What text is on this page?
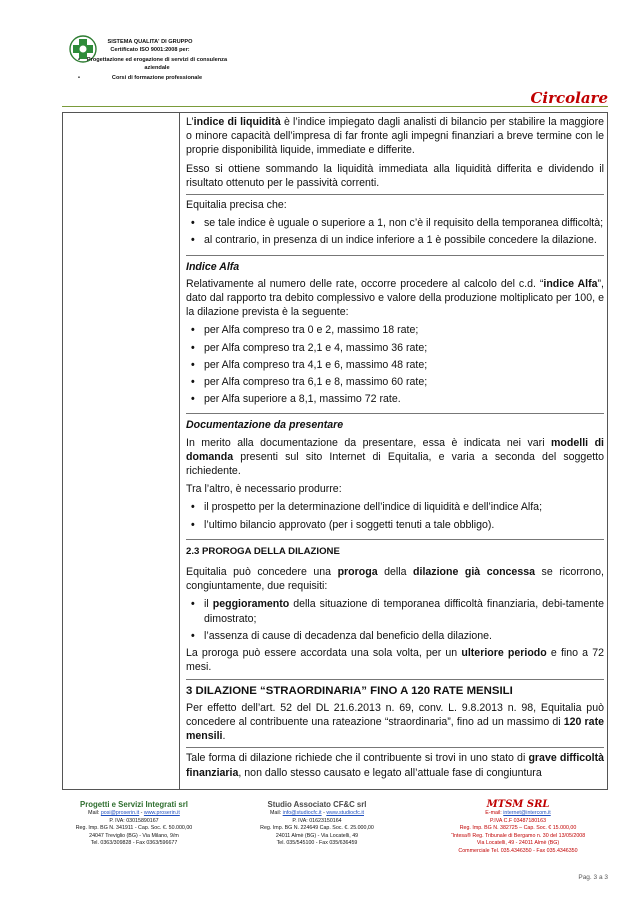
SISTEMA QUALITA' DI GRUPPO
Certificato ISO 9001:2008 per:
• Progettazione ed erogazione di servizi di consulenza aziendale
• Corsi di formazione professionale
Circolare

L’indice di liquidità è l’indice impiegato dagli analisti di bilancio per stabilire la maggiore o minore capacità dell’impresa di far fronte agli impegni finanziari a breve termine con le proprie disponibilità liquide, immediate e differite.

Esso si ottiene sommando la liquidità immediata alla liquidità differita e dividendo il risultato ottenuto per le passività correnti.

Equitalia precisa che:

• se tale indice è uguale o superiore a 1, non c’è il requisito della temporanea difficoltà;
• al contrario, in presenza di un indice inferiore a 1 è possibile concedere la dilazione.
Indice Alfa

Relativamente al numero delle rate, occorre procedere al calcolo del c.d. “indice Alfa”, dato dal rapporto tra debito complessivo e valore della produzione moltiplicato per 100, e la dilazione prevista è la seguente:

• per Alfa compreso tra 0 e 2, massimo 18 rate;
• per Alfa compreso tra 2,1 e 4, massimo 36 rate;
• per Alfa compreso tra 4,1 e 6, massimo 48 rate;
• per Alfa compreso tra 6,1 e 8, massimo 60 rate;
• per Alfa superiore a 8,1, massimo 72 rate.
Documentazione da presentare

In merito alla documentazione da presentare, essa è indicata nei vari modelli di domanda presenti sul sito Internet di Equitalia, e varia a seconda del soggetto richiedente.

Tra l’altro, è necessario produrre:

• il prospetto per la determinazione dell’indice di liquidità e dell’indice Alfa;
• l’ultimo bilancio approvato (per i soggetti tenuti a tale obbligo).
2.3 PROROGA DELLA DILAZIONE

Equitalia può concedere una proroga della dilazione già concessa se ricorrono, congiuntamente, due requisiti:

• il peggioramento della situazione di temporanea difficoltà finanziaria, debi-tamente dimostrato;
• l’assenza di cause di decadenza dal beneficio della dilazione.

La proroga può essere accordata una sola volta, per un ulteriore periodo e fino a 72 mesi.

3 DILAZIONE “STRAORDINARIA” FINO A 120 RATE MENSILI

Per effetto dell’art. 52 del DL 21.6.2013 n. 69, conv. L. 9.8.2013 n. 98, Equitalia può concedere al contribuente una rateazione “straordinaria”, fino ad un massimo di 120 rate mensili.

Tale forma di dilazione richiede che il contribuente si trovi in uno stato di grave difficoltà finanziaria, non dallo stesso causato e legato all’attuale fase di congiuntura

Progetti e Servizi Integrati srl
Mail: posi@proserin.it - www.proserin.it
P. IVA: 03015890167
Reg. Imp. BG N. 341911 - Cap. Soc. €. 50.000,00
24047 Treviglio (BG) - Via Milano, 9/m
Tel. 0363/309828 - Fax 0363/596677
Studio Associato CF&C srl
Mail: info@studiocfc.it - www.studiocfc.it
P. IVA: 01623150164
Reg. Imp. BG N. 224649 Cap. Soc. €. 25.000,00
24011 Almè (BG) - Via Locatelli, 49
Tel. 035/545100 - Fax 035/636459
MTSM SRL
E-mail: internet@intercom.it
P.IVA C.F 03487180163
Reg. Imp. BG N. 382725 – Cap. Soc. € 15.000,00
“Intesa® Reg. Tribunale di Bergamo n. 30 del 13/05/2008
Via Locatelli, 49 - 24011 Almè (BG)
Commerciale Tel. 035.4346350 - Fax 035.4346350
Pag. 3 a 3
